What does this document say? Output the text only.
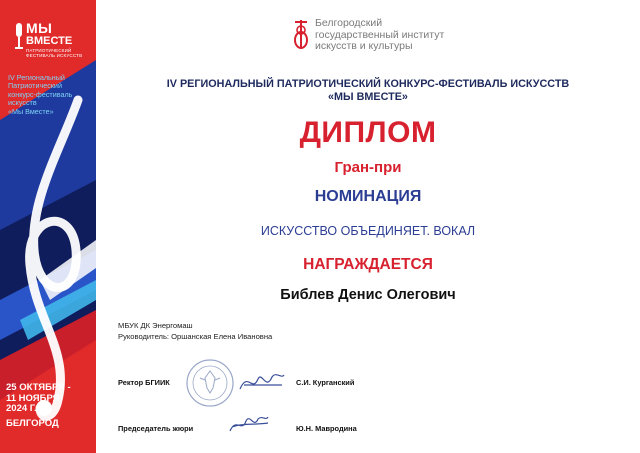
МЫ
ВМЕСТЕ
ПАТРИОТИЧЕСКИЙ
ФЕСТИВАЛЬ ИСКУССТВ
IV Региональный
Патриотический
конкурс-фестиваль
искусств
«Мы Вместе»
25 ОКТЯБРЯ -
11 НОЯБРЯ
2024 Г.
БЕЛГОРОД
Белгородский
государственный институт
искусств и культуры
IV РЕГИОНАЛЬНЫЙ ПАТРИОТИЧЕСКИЙ КОНКУРС-ФЕСТИВАЛЬ ИСКУССТВ
«МЫ ВМЕСТЕ»
ДИПЛОМ
Гран-при
НОМИНАЦИЯ
ИСКУССТВО ОБЪЕДИНЯЕТ. ВОКАЛ
НАГРАЖДАЕТСЯ
Библев Денис Олегович
МБУК ДК Энергомаш
Руководитель: Оршанская Елена Ивановна
Ректор БГИИК	С.И. Курганский
Председатель жюри	Ю.Н. Мавродина
